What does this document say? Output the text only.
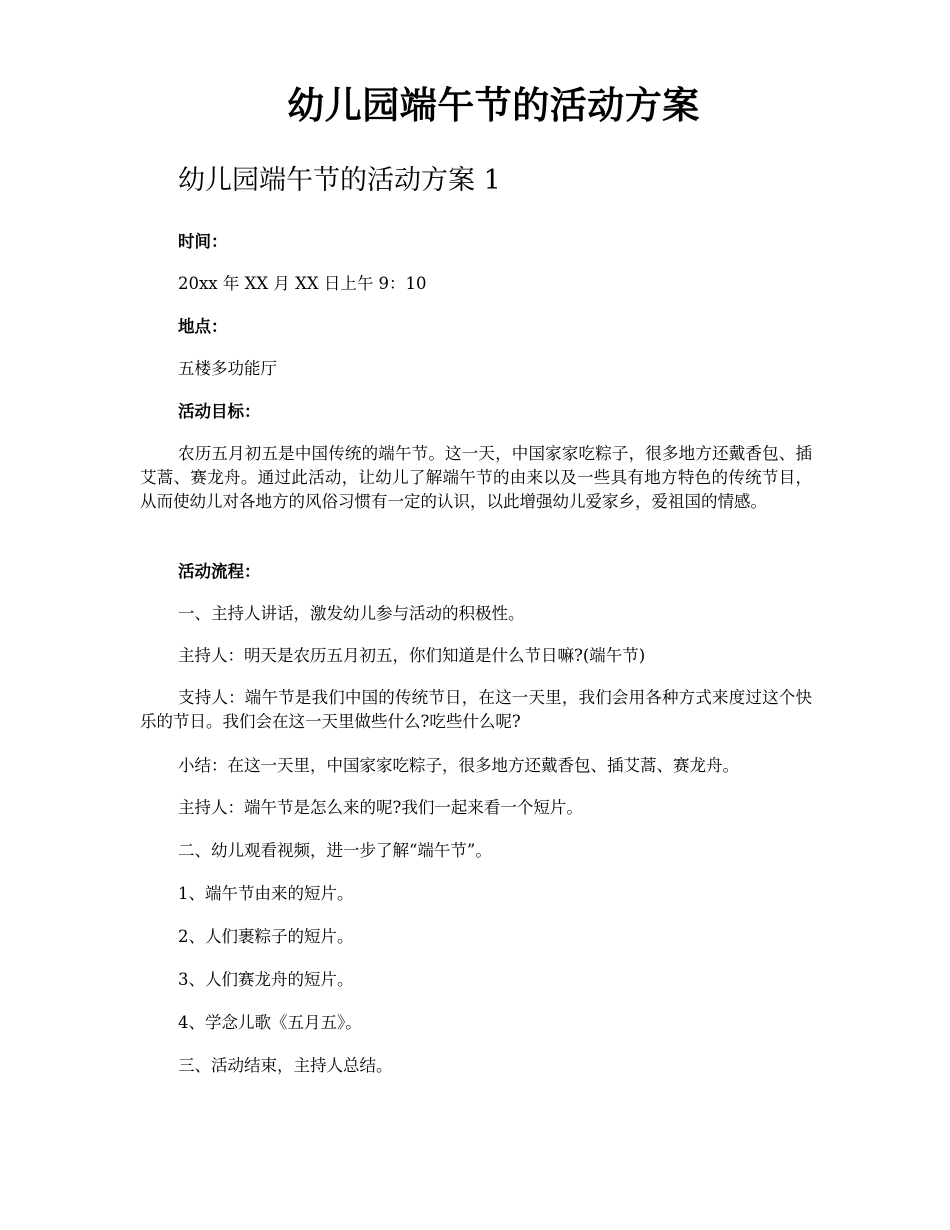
幼儿园端午节的活动方案
幼儿园端午节的活动方案 1
时间：
20xx 年 XX 月 XX 日上午 9：10
地点：
五楼多功能厅
活动目标：
农历五月初五是中国传统的端午节。这一天，中国家家吃粽子，很多地方还戴香包、插艾蒿、赛龙舟。通过此活动，让幼儿了解端午节的由来以及一些具有地方特色的传统节目，从而使幼儿对各地方的风俗习惯有一定的认识，以此增强幼儿爱家乡，爱祖国的情感。
活动流程：
一、主持人讲话，激发幼儿参与活动的积极性。
主持人：明天是农历五月初五，你们知道是什么节日嘛?(端午节)
支持人：端午节是我们中国的传统节日，在这一天里，我们会用各种方式来度过这个快乐的节日。我们会在这一天里做些什么?吃些什么呢?
小结：在这一天里，中国家家吃粽子，很多地方还戴香包、插艾蒿、赛龙舟。
主持人：端午节是怎么来的呢?我们一起来看一个短片。
二、幼儿观看视频，进一步了解“端午节”。
1、端午节由来的短片。
2、人们裹粽子的短片。
3、人们赛龙舟的短片。
4、学念儿歌《五月五》。
三、活动结束，主持人总结。
